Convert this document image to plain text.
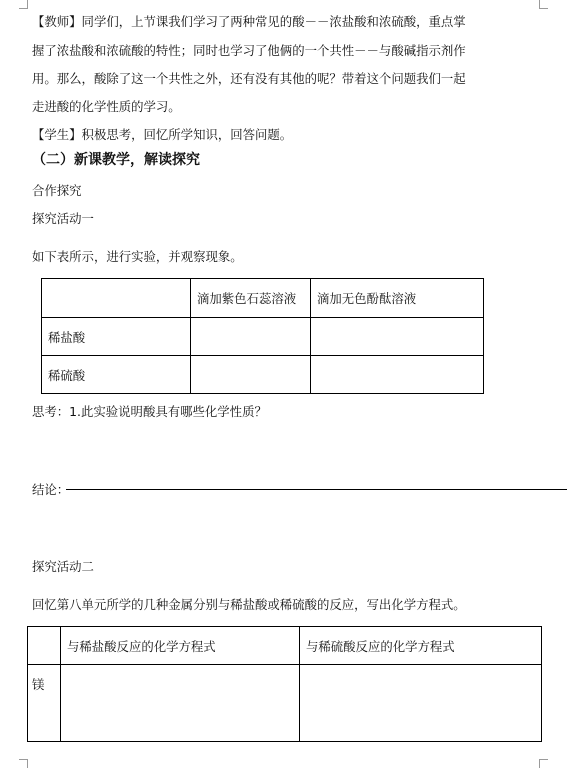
【教师】同学们，上节课我们学习了两种常见的酸－－浓盐酸和浓硫酸，重点掌
握了浓盐酸和浓硫酸的特性；同时也学习了他俩的一个共性－－与酸碱指示剂作
用。那么，酸除了这一个共性之外，还有没有其他的呢？带着这个问题我们一起
走进酸的化学性质的学习。
【学生】积极思考，回忆所学知识，回答问题。
（二）新课教学，解读探究
合作探究
探究活动一
如下表所示，进行实验，并观察现象。
	滴加紫色石蕊溶液	滴加无色酚酞溶液
稀盐酸		
稀硫酸		
思考：1.此实验说明酸具有哪些化学性质？
结论：
探究活动二
回忆第八单元所学的几种金属分别与稀盐酸或稀硫酸的反应，写出化学方程式。
	与稀盐酸反应的化学方程式	与稀硫酸反应的化学方程式
镁		
